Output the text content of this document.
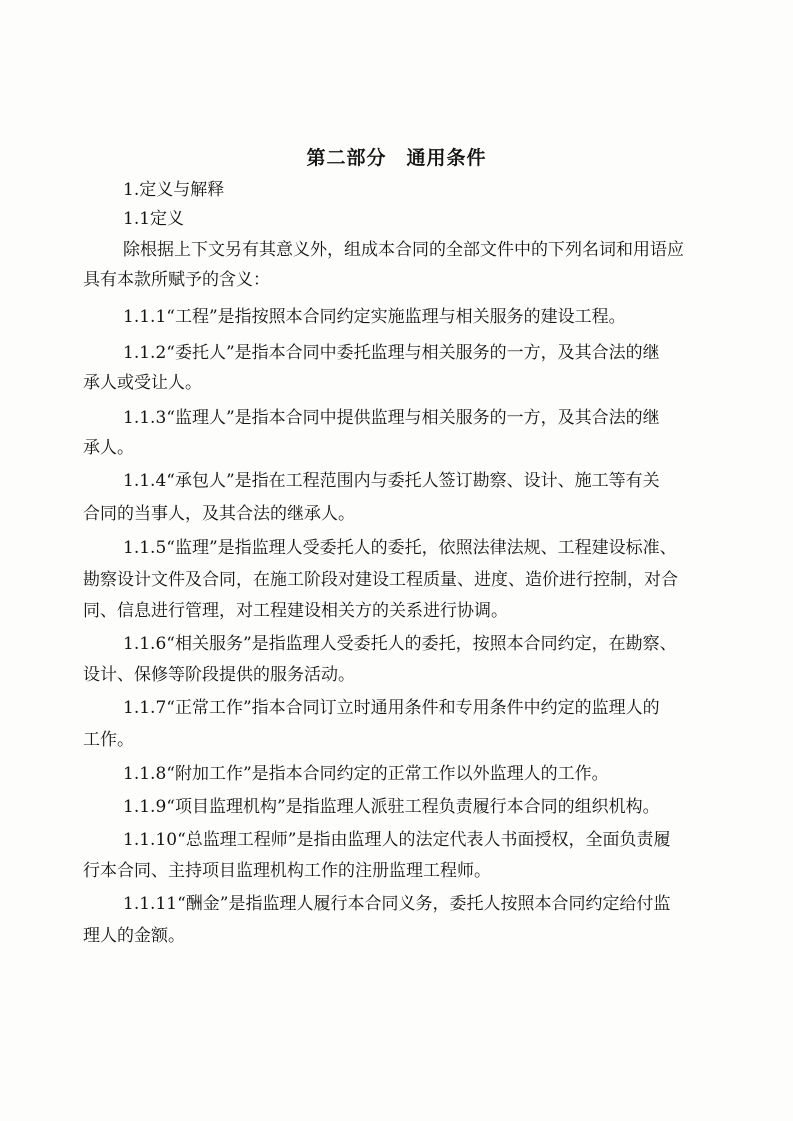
第二部分　通用条件
1.定义与解释
1.1定义
除根据上下文另有其意义外，组成本合同的全部文件中的下列名词和用语应
具有本款所赋予的含义：
1.1.1“工程”是指按照本合同约定实施监理与相关服务的建设工程。
1.1.2“委托人”是指本合同中委托监理与相关服务的一方，及其合法的继
承人或受让人。
1.1.3“监理人”是指本合同中提供监理与相关服务的一方，及其合法的继
承人。
1.1.4“承包人”是指在工程范围内与委托人签订勘察、设计、施工等有关
合同的当事人，及其合法的继承人。
1.1.5“监理”是指监理人受委托人的委托，依照法律法规、工程建设标准、
勘察设计文件及合同，在施工阶段对建设工程质量、进度、造价进行控制，对合
同、信息进行管理，对工程建设相关方的关系进行协调。
1.1.6“相关服务”是指监理人受委托人的委托，按照本合同约定，在勘察、
设计、保修等阶段提供的服务活动。
1.1.7“正常工作”指本合同订立时通用条件和专用条件中约定的监理人的
工作。
1.1.8“附加工作”是指本合同约定的正常工作以外监理人的工作。
1.1.9“项目监理机构”是指监理人派驻工程负责履行本合同的组织机构。
1.1.10“总监理工程师”是指由监理人的法定代表人书面授权，全面负责履
行本合同、主持项目监理机构工作的注册监理工程师。
1.1.11“酬金”是指监理人履行本合同义务，委托人按照本合同约定给付监
理人的金额。
